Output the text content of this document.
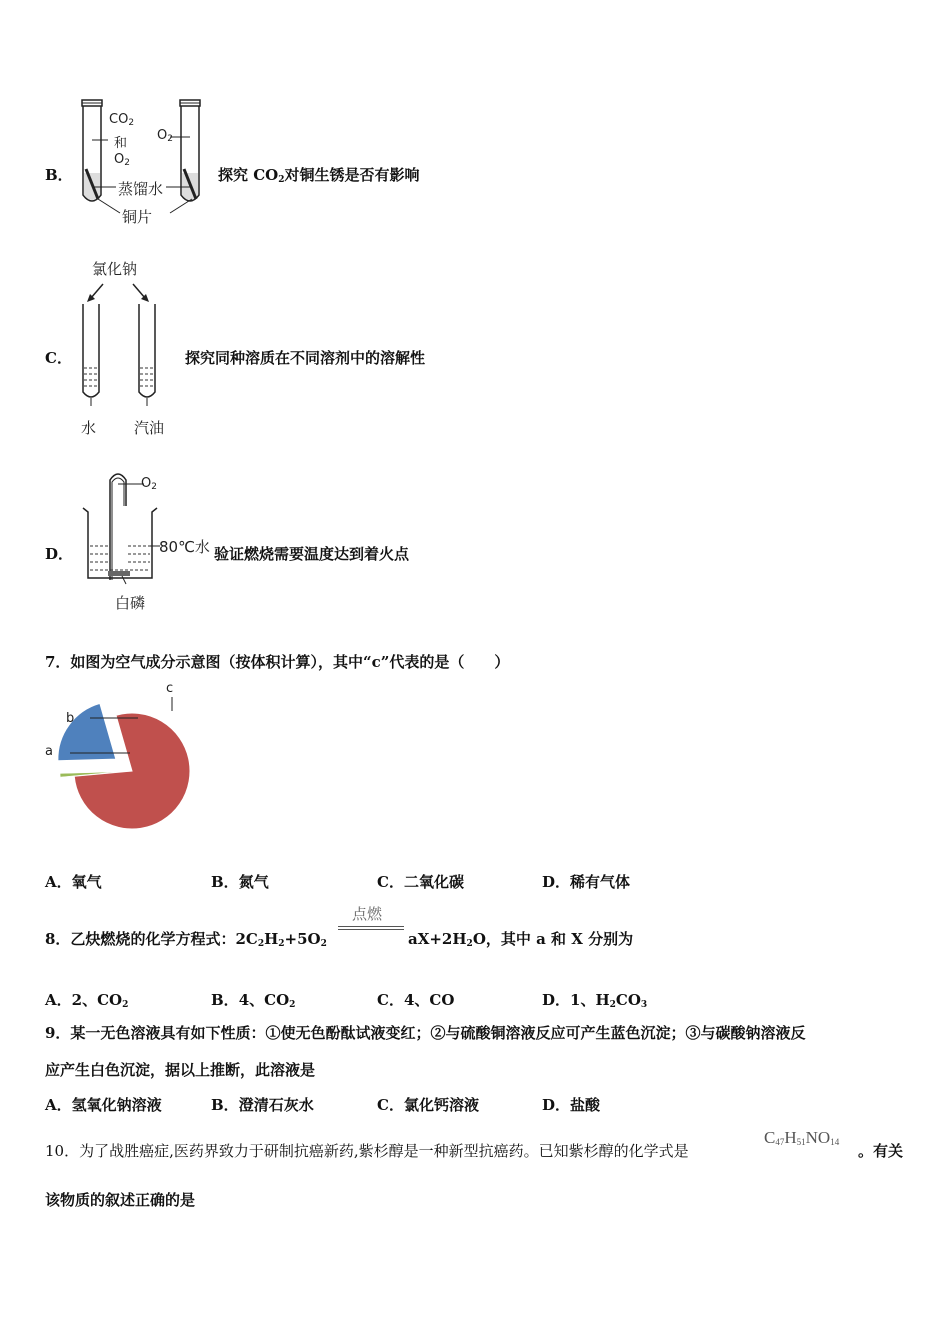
B．
$CO_2$
和
$O_2$
$O_2$
蒸馏水
铜片
探究 $CO_2$对铜生锈是否有影响
C．
氯化钠
水	汽油
探究同种溶质在不同溶剂中的溶解性
D．
$O_2$
80℃水
白磷
验证燃烧需要温度达到着火点
7．如图为空气成分示意图（按体积计算），其中“c”代表的是（　　）
c
b
a
A．氧气	B．氮气	C．二氧化碳	D．稀有气体
8．乙炔燃烧的化学方程式：$2C_2H_2+5O_2$
点燃
$aX+2H_2O$，其中 a 和 X 分别为
A．2、$CO_2$	B．4、$CO_2$	C．4、CO	D．1、$H_2CO_3$
9．某一无色溶液具有如下性质：①使无色酚酞试液变红；②与硫酸铜溶液反应可产生蓝色沉淀；③与碳酸钠溶液反
应产生白色沉淀，据以上推断，此溶液是
A．氢氧化钠溶液	B．澄清石灰水	C．氯化钙溶液	D．盐酸
10．为了战胜癌症,医药界致力于研制抗癌新药,紫杉醇是一种新型抗癌药。已知紫杉醇的化学式是
$C_{47}H_{51}NO_{14}$ 。有关
该物质的叙述正确的是
